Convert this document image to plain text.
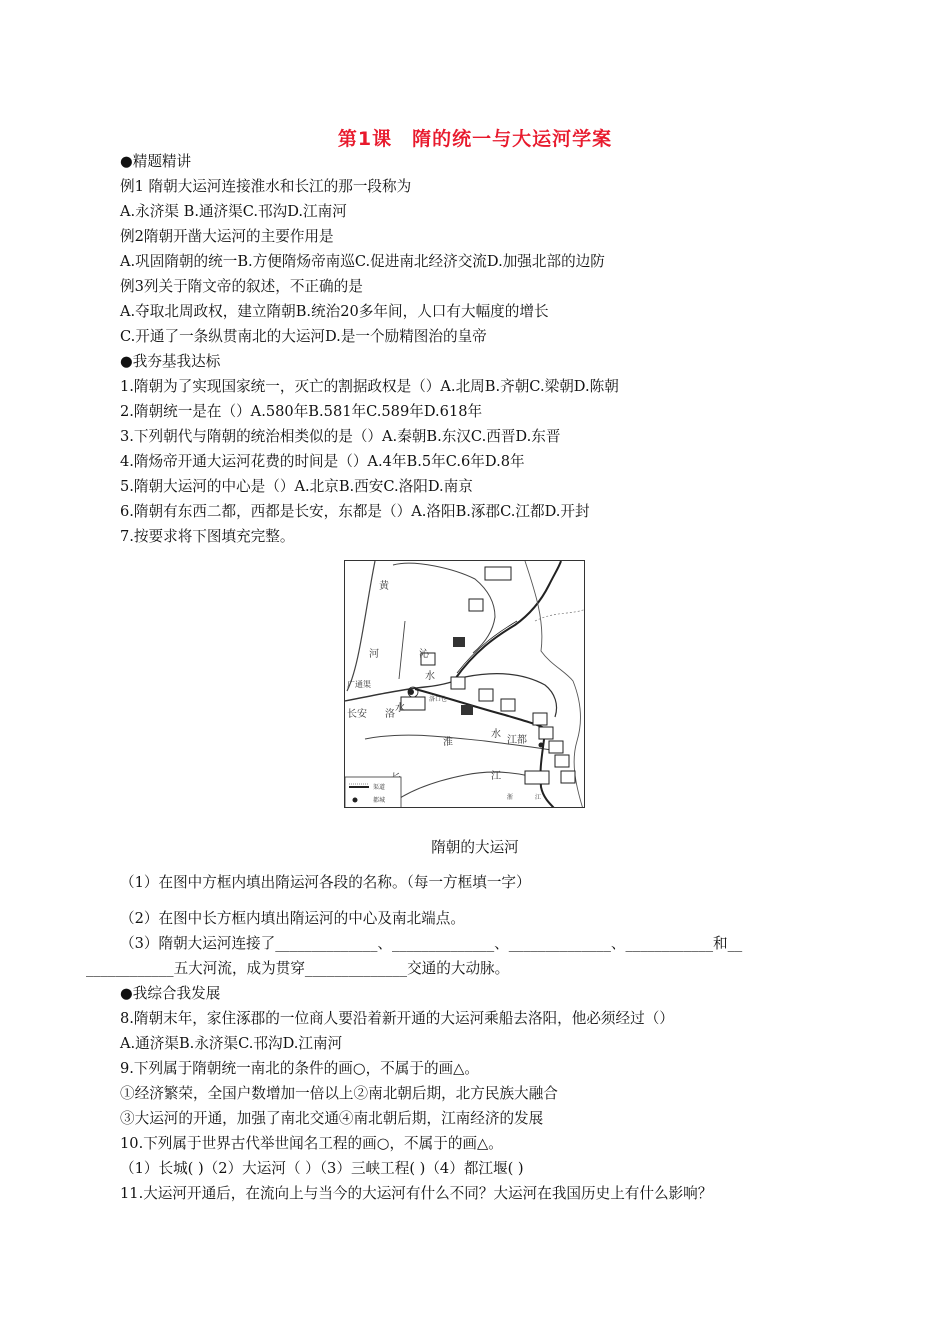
第1课　隋的统一与大运河学案
●精题精讲
例1 隋朝大运河连接淮水和长江的那一段称为
A.永济渠 B.通济渠C.邗沟D.江南河
例2隋朝开凿大运河的主要作用是
A.巩固隋朝的统一B.方便隋炀帝南巡C.促进南北经济交流D.加强北部的边防
例3列关于隋文帝的叙述，不正确的是
A.夺取北周政权，建立隋朝B.统治20多年间，人口有大幅度的增长
C.开通了一条纵贯南北的大运河D.是一个励精图治的皇帝
●我夯基我达标
1.隋朝为了实现国家统一，灭亡的割据政权是（）A.北周B.齐朝C.梁朝D.陈朝
2.隋朝统一是在（）A.580年B.581年C.589年D.618年
3.下列朝代与隋朝的统治相类似的是（）A.秦朝B.东汉C.西晋D.东晋
4.隋炀帝开通大运河花费的时间是（）A.4年B.5年C.6年D.8年
5.隋朝大运河的中心是（）A.北京B.西安C.洛阳D.南京
6.隋朝有东西二都，西都是长安，东都是（）A.洛阳B.涿郡C.江都D.开封
7.按要求将下图填充完整。
黄
河	沁
水
广通渠
长安 洛
水
洛口仓
淮
水
江都
江
浙	江
渠道
都城
隋朝的大运河
（1）在图中方框内填出隋运河各段的名称。（每一方框填一字）
（2）在图中长方框内填出隋运河的中心及南北端点。
（3）隋朝大运河连接了______________、______________、______________、____________和__
____________五大河流，成为贯穿______________交通的大动脉。
●我综合我发展
8.隋朝末年，家住涿郡的一位商人要沿着新开通的大运河乘船去洛阳，他必须经过（）
A.通济渠B.永济渠C.邗沟D.江南河
9.下列属于隋朝统一南北的条件的画○，不属于的画△。
①经济繁荣，全国户数增加一倍以上②南北朝后期，北方民族大融合
③大运河的开通，加强了南北交通④南北朝后期，江南经济的发展
10.下列属于世界古代举世闻名工程的画○，不属于的画△。
（1）长城( )（2）大运河（ ）（3）三峡工程( )（4）都江堰( )
11.大运河开通后，在流向上与当今的大运河有什么不同？大运河在我国历史上有什么影响？
